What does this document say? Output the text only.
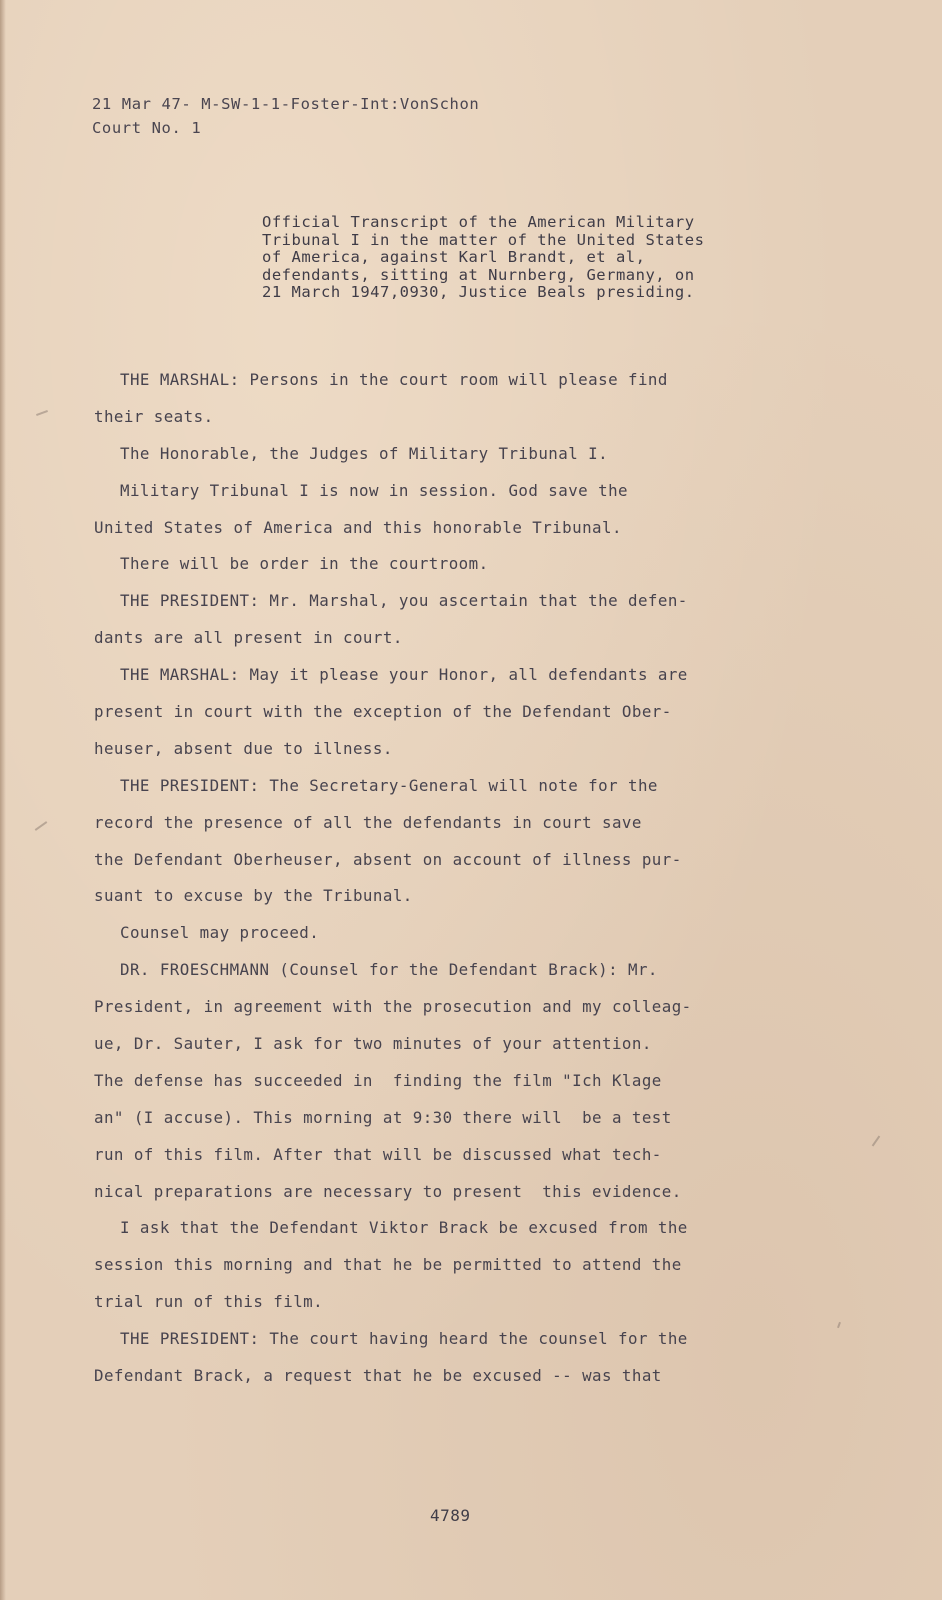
21 Mar 47- M-SW-1-1-Foster-Int:VonSchon
Court No. 1
Official Transcript of the American Military
Tribunal I in the matter of the United States
of America, against Karl Brandt, et al,
defendants, sitting at Nurnberg, Germany, on
21 March 1947,0930, Justice Beals presiding.
THE MARSHAL: Persons in the court room will please find
their seats.
The Honorable, the Judges of Military Tribunal I.
Military Tribunal I is now in session. God save the
United States of America and this honorable Tribunal.
There will be order in the courtroom.
THE PRESIDENT: Mr. Marshal, you ascertain that the defen-
dants are all present in court.
THE MARSHAL: May it please your Honor, all defendants are
present in court with the exception of the Defendant Ober-
heuser, absent due to illness.
THE PRESIDENT: The Secretary-General will note for the
record the presence of all the defendants in court save
the Defendant Oberheuser, absent on account of illness pur-
suant to excuse by the Tribunal.
Counsel may proceed.
DR. FROESCHMANN (Counsel for the Defendant Brack): Mr.
President, in agreement with the prosecution and my colleag-
ue, Dr. Sauter, I ask for two minutes of your attention.
The defense has succeeded in  finding the film "Ich Klage
an" (I accuse). This morning at 9:30 there will  be a test
run of this film. After that will be discussed what tech-
nical preparations are necessary to present  this evidence.
I ask that the Defendant Viktor Brack be excused from the
session this morning and that he be permitted to attend the
trial run of this film.
THE PRESIDENT: The court having heard the counsel for the
Defendant Brack, a request that he be excused -- was that
4789
